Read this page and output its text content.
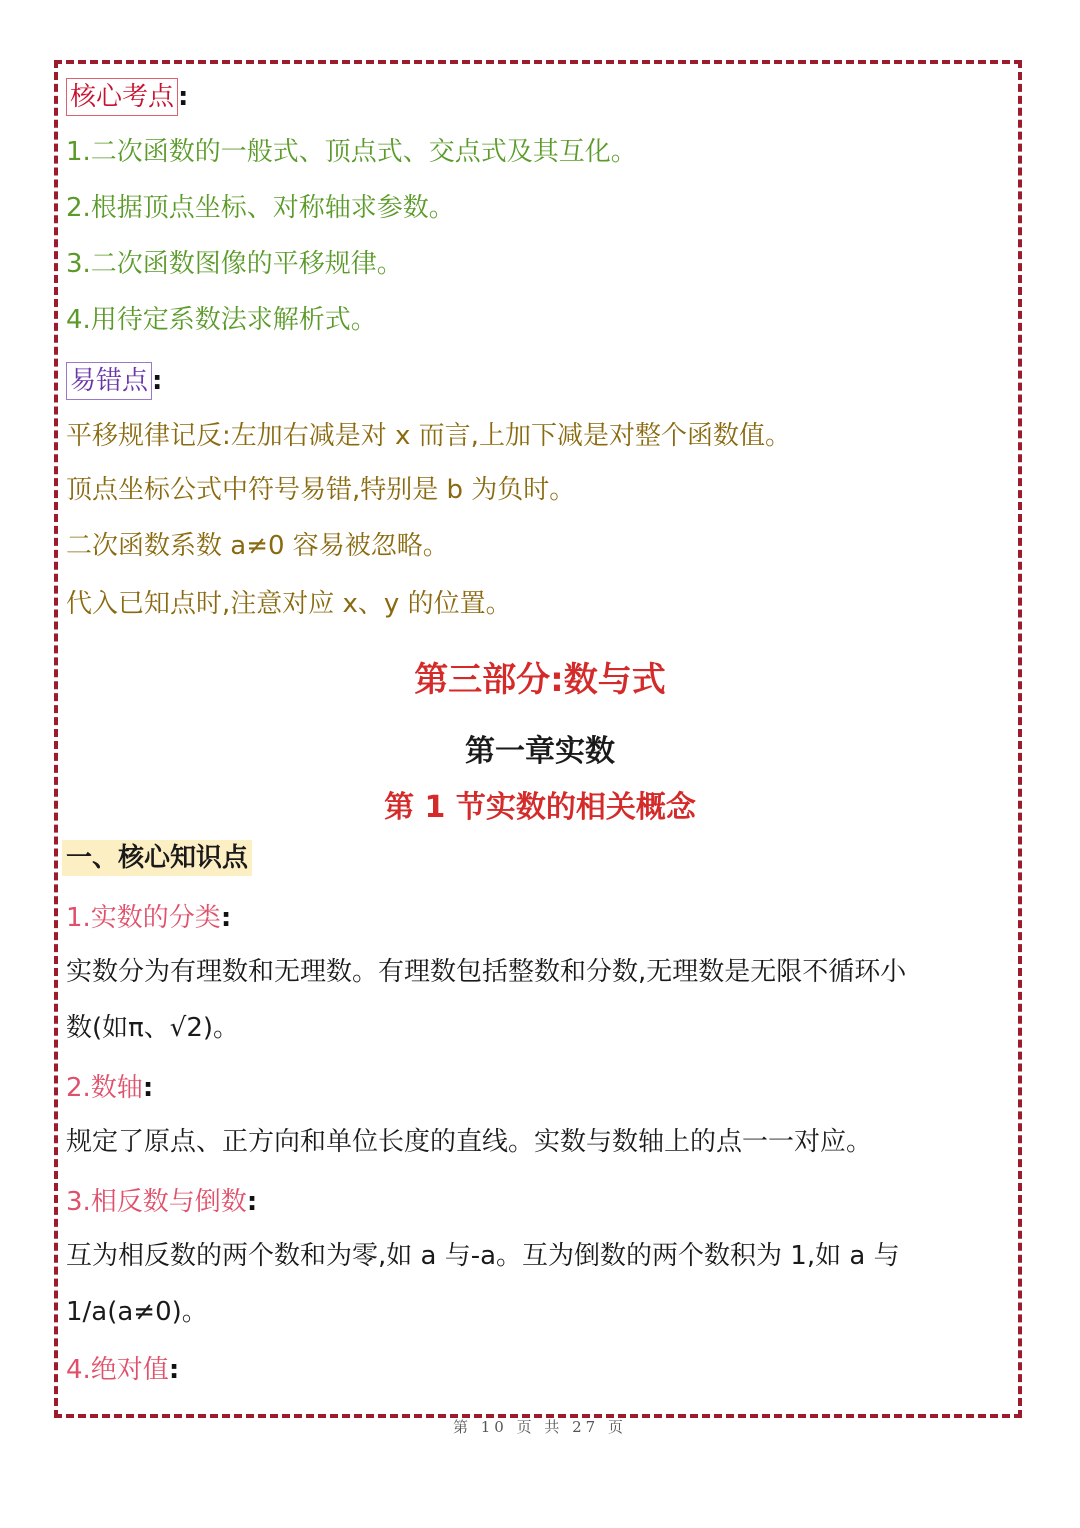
核心考点 :
1.二次函数的一般式、顶点式、交点式及其互化。
2.根据顶点坐标、对称轴求参数。
3.二次函数图像的平移规律。
4.用待定系数法求解析式。
易错点 :
平移规律记反:左加右减是对 x 而言,上加下减是对整个函数值。
顶点坐标公式中符号易错,特别是 b 为负时。
二次函数系数 a≠0 容易被忽略。
代入已知点时,注意对应 x、y 的位置。
第三部分:数与式
第一章实数
第 1 节实数的相关概念
一、核心知识点
1.实数的分类:
实数分为有理数和无理数。有理数包括整数和分数,无理数是无限不循环小
数(如π、√2)。
2.数轴:
规定了原点、正方向和单位长度的直线。实数与数轴上的点一一对应。
3.相反数与倒数:
互为相反数的两个数和为零,如 a 与-a。互为倒数的两个数积为 1,如 a 与
1/a(a≠0)。
4.绝对值:
第 10 页 共 27 页
